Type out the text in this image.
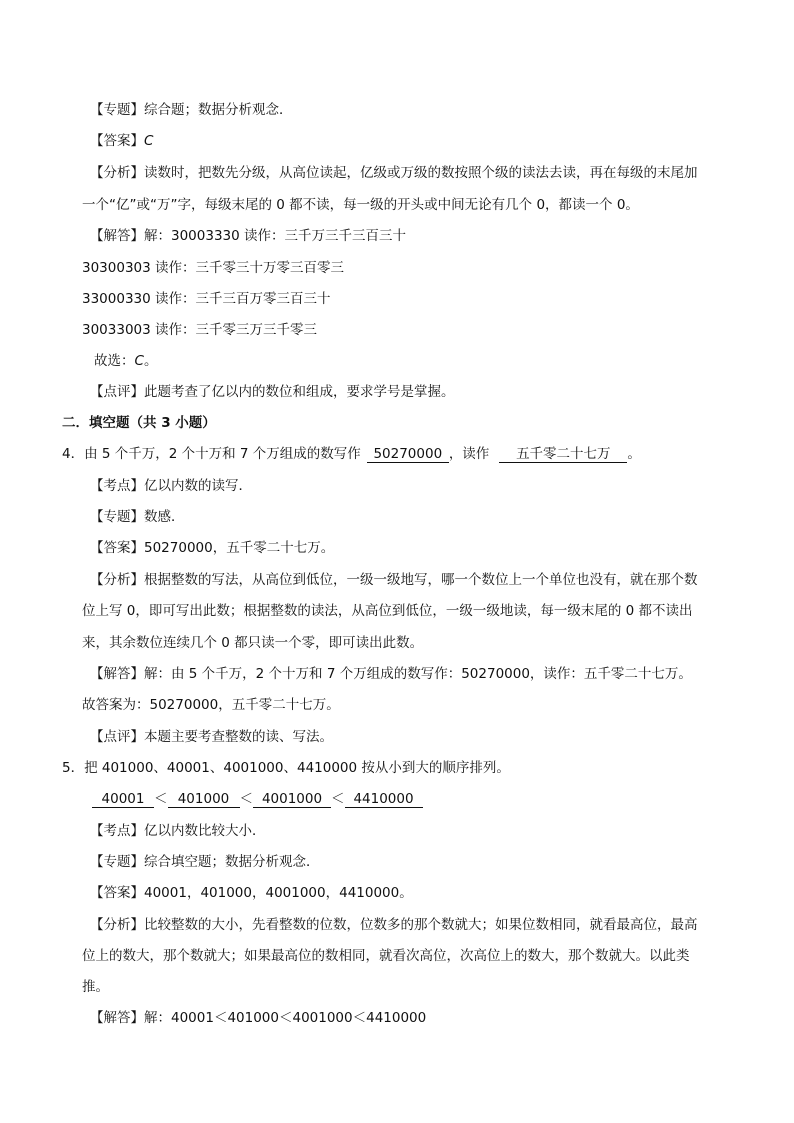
【专题】综合题；数据分析观念．
【答案】C
【分析】读数时，把数先分级，从高位读起，亿级或万级的数按照个级的读法去读，再在每级的末尾加
一个“亿”或“万”字，每级末尾的 0 都不读，每一级的开头或中间无论有几个 0，都读一个 0。
【解答】解：30003330 读作：三千万三千三百三十
30300303 读作：三千零三十万零三百零三
33000330 读作：三千三百万零三百三十
30033003 读作：三千零三万三千零三
故选：C。
【点评】此题考查了亿以内的数位和组成，要求学号是掌握。
二．填空题（共 3 小题）
4．由 5 个千万，2 个十万和 7 个万组成的数写作 50270000 ，读作 五千零二十七万 。
【考点】亿以内数的读写．
【专题】数感．
【答案】50270000，五千零二十七万。
【分析】根据整数的写法，从高位到低位，一级一级地写，哪一个数位上一个单位也没有，就在那个数
位上写 0，即可写出此数；根据整数的读法，从高位到低位，一级一级地读，每一级末尾的 0 都不读出
来，其余数位连续几个 0 都只读一个零，即可读出此数。
【解答】解：由 5 个千万，2 个十万和 7 个万组成的数写作：50270000，读作：五千零二十七万。
故答案为：50270000，五千零二十七万。
【点评】本题主要考查整数的读、写法。
5．把 401000、40001、4001000、4410000 按从小到大的顺序排列。
40001 ＜ 401000 ＜ 4001000 ＜ 4410000
【考点】亿以内数比较大小．
【专题】综合填空题；数据分析观念．
【答案】40001，401000，4001000，4410000。
【分析】比较整数的大小，先看整数的位数，位数多的那个数就大；如果位数相同，就看最高位，最高
位上的数大，那个数就大；如果最高位的数相同，就看次高位，次高位上的数大，那个数就大。以此类
推。
【解答】解：40001＜401000＜4001000＜4410000
